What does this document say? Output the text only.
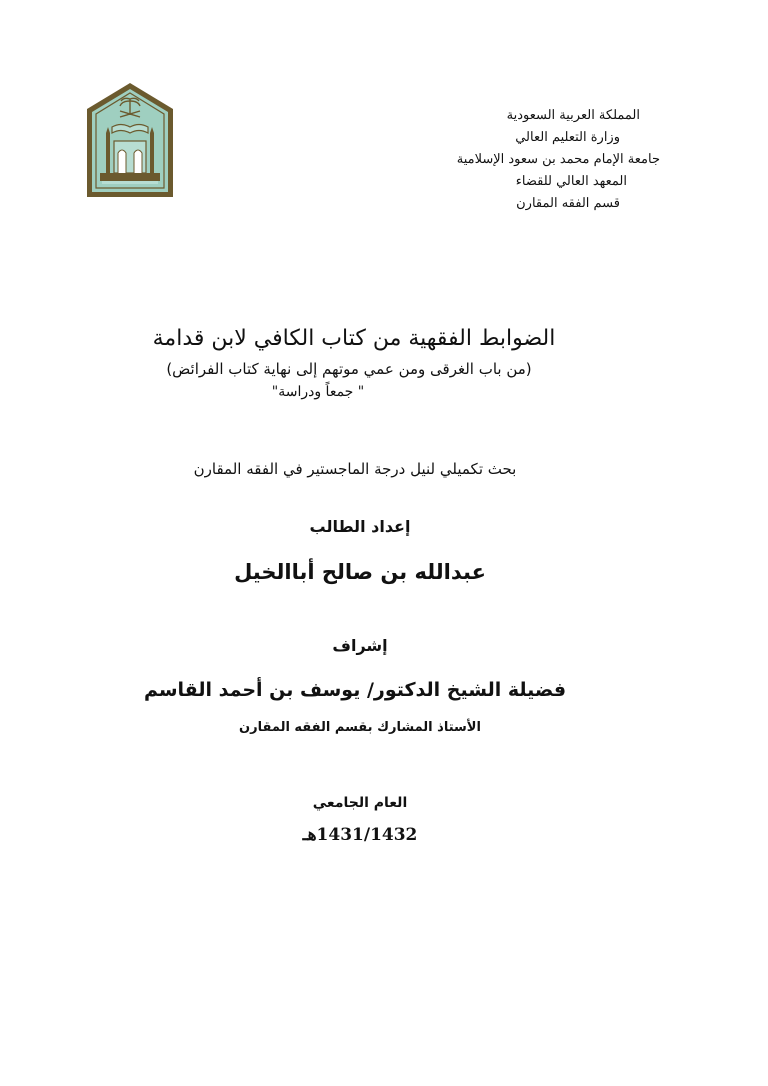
المملكة العربية السعودية
وزارة التعليم العالي
جامعة الإمام محمد بن سعود الإسلامية
المعهد العالي للقضاء
قسم الفقه المقارن
الضوابط الفقهية من كتاب الكافي لابن قدامة
(من باب الغرقى ومن عمي موتهم إلى نهاية كتاب الفرائض)
" جمعاً ودراسة"
بحث تكميلي لنيل درجة الماجستير في الفقه المقارن
إعداد الطالب
عبدالله بن صالح أباالخيل
إشراف
فضيلة الشيخ الدكتور/ يوسف بن أحمد القاسم
الأستاذ المشارك بقسم الفقه المقارن
العام الجامعي
1431/1432هـ
